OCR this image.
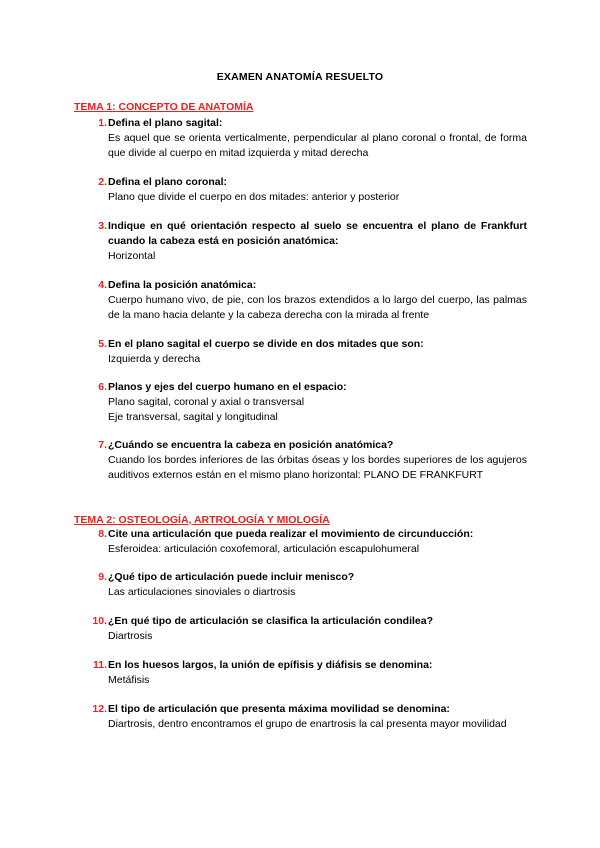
EXAMEN ANATOMÍA RESUELTO
TEMA 1: CONCEPTO DE ANATOMÍA
1. Defina el plano sagital:
Es aquel que se orienta verticalmente, perpendicular al plano coronal o frontal, de forma que divide al cuerpo en mitad izquierda y mitad derecha
2. Defina el plano coronal:
Plano que divide el cuerpo en dos mitades: anterior y posterior
3. Indique en qué orientación respecto al suelo se encuentra el plano de Frankfurt cuando la cabeza está en posición anatómica:
Horizontal
4. Defina la posición anatómica:
Cuerpo humano vivo, de pie, con los brazos extendidos a lo largo del cuerpo, las palmas de la mano hacia delante y la cabeza derecha con la mirada al frente
5. En el plano sagital el cuerpo se divide en dos mitades que son:
Izquierda y derecha
6. Planos y ejes del cuerpo humano en el espacio:
Plano sagital, coronal y axial o transversal
Eje transversal, sagital y longitudinal
7. ¿Cuándo se encuentra la cabeza en posición anatómica?
Cuando los bordes inferiores de las órbitas óseas y los bordes superiores de los agujeros auditivos externos están en el mismo plano horizontal: PLANO DE FRANKFURT
TEMA 2: OSTEOLOGÍA, ARTROLOGÍA Y MIOLOGÍA
8. Cite una articulación que pueda realizar el movimiento de circunducción:
Esferoidea: articulación coxofemoral, articulación escapulohumeral
9. ¿Qué tipo de articulación puede incluir menisco?
Las articulaciones sinoviales o diartrosis
10. ¿En qué tipo de articulación se clasifica la articulación condilea?
Diartrosis
11. En los huesos largos, la unión de epífisis y diáfisis se denomina:
Metáfisis
12. El tipo de articulación que presenta máxima movilidad se denomina:
Diartrosis, dentro encontramos el grupo de enartrosis la cal presenta mayor movilidad
